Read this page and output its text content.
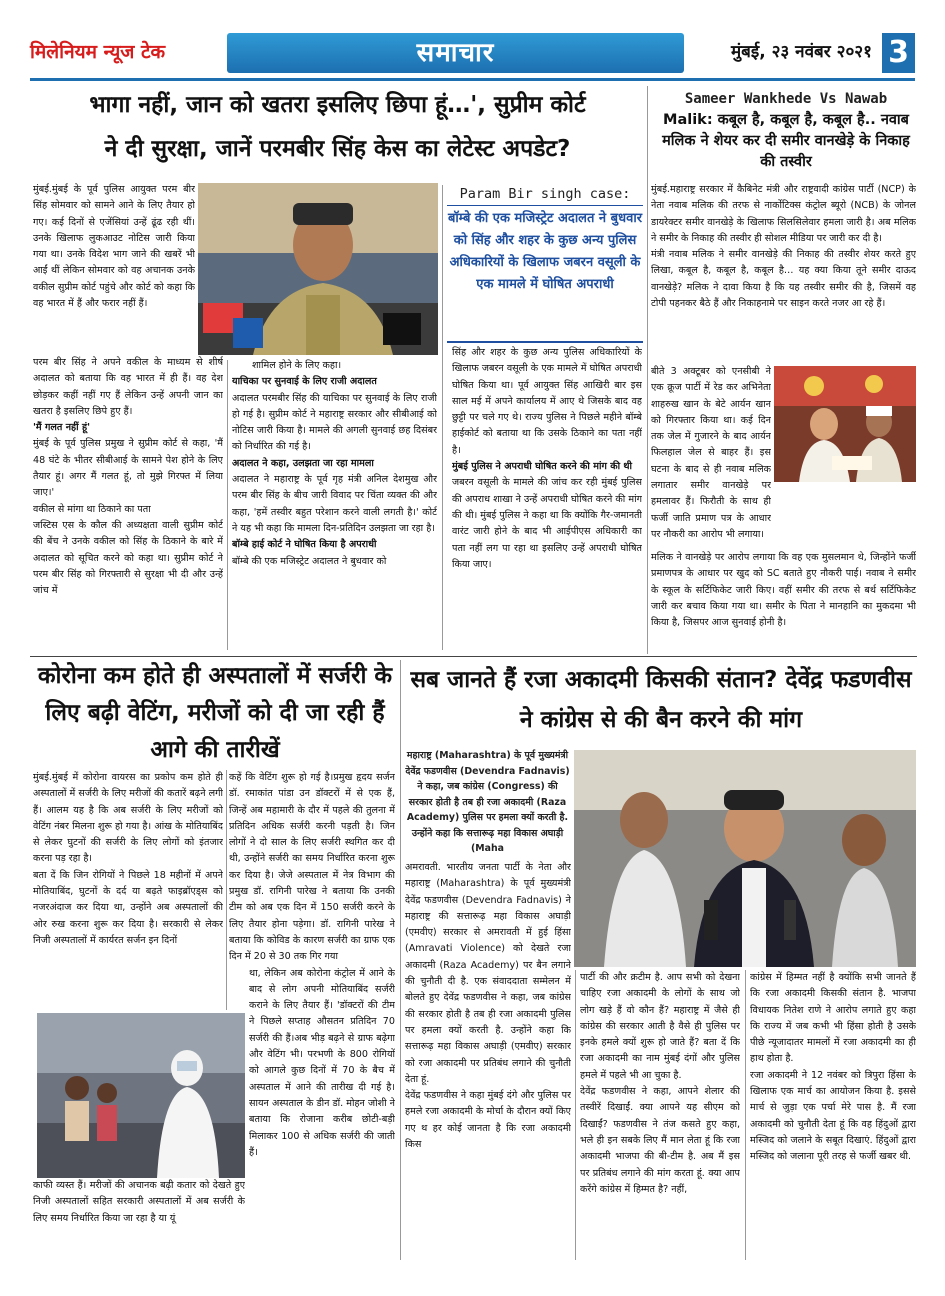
मिलेनियम न्यूज टेक	समाचार	मुंबई, २३ नवंबर २०२१ 3
भागा नहीं, जान को खतरा इसलिए छिपा हूं…', सुप्रीम कोर्ट
ने दी सुरक्षा, जानें परमबीर सिंह केस का लेटेस्ट अपडेट?

मुंबई.मुंबई के पूर्व पुलिस आयुक्त परम बीर सिंह सोमवार को सामने आने के लिए तैयार हो गए। कई दिनों से एजेंसियां उन्हें ढूंढ रही थीं। उनके खिलाफ लुकआउट नोटिस जारी किया गया था। उनके विदेश भाग जाने की खबरें भी आईं थीं लेकिन सोमवार को वह अचानक उनके वकील सुप्रीम कोर्ट पहुंचे और कोर्ट को कहा कि वह भारत में हैं और फरार नहीं हैं।

परम बीर सिंह ने अपने वकील के माध्यम से शीर्ष अदालत को बताया कि वह भारत में ही हैं। वह देश छोड़कर कहीं नहीं गए हैं लेकिन उन्हें अपनी जान का खतरा है इसलिए छिपे हुए हैं।

'मैं गलत नहीं हूं'

मुंबई के पूर्व पुलिस प्रमुख ने सुप्रीम कोर्ट से कहा, 'मैं 48 घंटे के भीतर सीबीआई के सामने पेश होने के लिए तैयार हूं। अगर मैं गलत हूं, तो मुझे गिरफ्त में लिया जाए।'

वकील से मांगा था ठिकाने का पता

जस्टिस एस के कौल की अध्यक्षता वाली सुप्रीम कोर्ट की बेंच ने उनके वकील को सिंह के ठिकाने के बारे में अदालत को सूचित करने को कहा था। सुप्रीम कोर्ट ने परम बीर सिंह को गिरफ्तारी से सुरक्षा भी दी और उन्हें जांच में

शामिल होने के लिए कहा।

याचिका पर सुनवाई के लिए राजी अदालत

अदालत परमबीर सिंह की याचिका पर सुनवाई के लिए राजी हो गई है। सुप्रीम कोर्ट ने महाराष्ट्र सरकार और सीबीआई को नोटिस जारी किया है। मामले की अगली सुनवाई छह दिसंबर को निर्धारित की गई है।

अदालत ने कहा, उलझता जा रहा मामला

अदालत ने महाराष्ट्र के पूर्व गृह मंत्री अनिल देशमुख और परम बीर सिंह के बीच जारी विवाद पर चिंता व्यक्त की और कहा, 'हमें तस्वीर बहुत परेशान करने वाली लगती है।' कोर्ट ने यह भी कहा कि मामला दिन-प्रतिदिन उलझता जा रहा है।

बॉम्बे हाई कोर्ट ने घोषित किया है अपराधी

बॉम्बे की एक मजिस्ट्रेट अदालत ने बुधवार को

Param Bir singh case:
बॉम्बे की एक मजिस्ट्रेट अदालत ने बुधवार को सिंह और शहर के कुछ अन्य पुलिस अधिकारियों के खिलाफ जबरन वसूली के एक मामले में घोषित अपराधी

सिंह और शहर के कुछ अन्य पुलिस अधिकारियों के खिलाफ जबरन वसूली के एक मामले में घोषित अपराधी घोषित किया था। पूर्व आयुक्त सिंह आखिरी बार इस साल मई में अपने कार्यालय में आए थे जिसके बाद वह छुट्टी पर चले गए थे। राज्य पुलिस ने पिछले महीने बॉम्बे हाईकोर्ट को बताया था कि उसके ठिकाने का पता नहीं है।

मुंबई पुलिस ने अपराधी घोषित करने की मांग की थी

जबरन वसूली के मामले की जांच कर रही मुंबई पुलिस की अपराध शाखा ने उन्हें अपराधी घोषित करने की मांग की थी। मुंबई पुलिस ने कहा था कि क्योंकि गैर-जमानती वारंट जारी होने के बाद भी आईपीएस अधिकारी का पता नहीं लग पा रहा था इसलिए उन्हें अपराधी घोषित किया जाए।

Sameer Wankhede Vs Nawab
Malik: कबूल है, कबूल है, कबूल है.. नवाब मलिक ने शेयर कर दी समीर वानखेड़े के निकाह की तस्वीर

मुंबई.महाराष्ट्र सरकार में कैबिनेट मंत्री और राष्ट्रवादी कांग्रेस पार्टी (NCP) के नेता नवाब मलिक की तरफ से नार्कोटिक्स कंट्रोल ब्यूरो (NCB) के जोनल डायरेक्टर समीर वानखेड़े के खिलाफ सिलसिलेवार हमला जारी है। अब मलिक ने समीर के निकाह की तस्वीर ही सोशल मीडिया पर जारी कर दी है।

मंत्री नवाब मलिक ने समीर वानखेड़े की निकाह की तस्वीर शेयर करते हुए लिखा, कबूल है, कबूल है, कबूल है… यह क्या किया तूने समीर दाऊद वानखेड़े? मलिक ने दावा किया है कि यह तस्वीर समीर की है, जिसमें वह टोपी पहनकर बैठे हैं और निकाहनामे पर साइन करते नजर आ रहे हैं।

बीते 3 अक्टूबर को एनसीबी ने एक क्रूज पार्टी में रेड कर अभिनेता शाहरुख खान के बेटे आर्यन खान को गिरफ्तार किया था। कई दिन तक जेल में गुजारने के बाद आर्यन फिलहाल जेल से बाहर हैं। इस घटना के बाद से ही नवाब मलिक लगातार समीर वानखेड़े पर हमलावर हैं। फिरौती के साथ ही फर्जी जाति प्रमाण पत्र के आधार पर नौकरी का आरोप भी लगाया।

मलिक ने वानखेड़े पर आरोप लगाया कि वह एक मुसलमान थे, जिन्होंने फर्जी प्रमाणपत्र के आधार पर खुद को SC बताते हुए नौकरी पाई। नवाब ने समीर के स्कूल के सर्टिफिकेट जारी किए। वहीं समीर की तरफ से बर्थ सर्टिफिकेट जारी कर बचाव किया गया था। समीर के पिता ने मानहानि का मुकदमा भी किया है, जिसपर आज सुनवाई होनी है।

कोरोना कम होते ही अस्पतालों में सर्जरी के लिए बढ़ी वेटिंग, मरीजों को दी जा रही हैं आगे की तारीखें

मुंबई.मुंबई में कोरोना वायरस का प्रकोप कम होते ही अस्पतालों में सर्जरी के लिए मरीजों की कतारें बढ़ने लगी हैं। आलम यह है कि अब सर्जरी के लिए मरीजों को वेटिंग नंबर मिलना शुरू हो गया है। आंख के मोतियाबिंद से लेकर घुटनों की सर्जरी के लिए लोगों को इंतजार करना पड़ रहा है।

बता दें कि जिन रोगियों ने पिछले 18 महीनों में अपने मोतियाबिंद, घुटनों के दर्द या बढ़ते फाइब्रॉएड्स को नजरअंदाज कर दिया था, उन्होंने अब अस्पतालों की ओर रुख करना शुरू कर दिया है। सरकारी से लेकर निजी अस्पतालों में कार्यरत सर्जन इन दिनों

काफी व्यस्त हैं। मरीजों की अचानक बढ़ी कतार को देखते हुए निजी अस्पतालों सहित सरकारी अस्पतालों में अब सर्जरी के लिए समय निर्धारित किया जा रहा है या यूं

कहें कि वेटिंग शुरू हो गई है।प्रमुख हृदय सर्जन डॉ. रमाकांत पांडा उन डॉक्टरों में से एक हैं, जिन्हें अब महामारी के दौर में पहले की तुलना में प्रतिदिन अधिक सर्जरी करनी पड़ती है। जिन लोगों ने दो साल के लिए सर्जरी स्थगित कर दी थी, उन्होंने सर्जरी का समय निर्धारित करना शुरू कर दिया है। जेजे अस्पताल में नेत्र विभाग की प्रमुख डॉ. रागिनी पारेख ने बताया कि उनकी टीम को अब एक दिन में 150 सर्जरी करने के लिए तैयार होना पड़ेगा। डॉ. रागिनी पारेख ने बताया कि कोविड के कारण सर्जरी का ग्राफ एक दिन में 20 से 30 तक गिर गया

था, लेकिन अब कोरोना कंट्रोल में आने के बाद से लोग अपनी मोतियाबिंद सर्जरी कराने के लिए तैयार हैं। 'डॉक्टरों की टीम ने पिछले सप्ताह औसतन प्रतिदिन 70 सर्जरी की हैं।अब भीड़ बढ़ने से ग्राफ बढ़ेगा और वेटिंग भी। परभणी के 800 रोगियों को आगले कुछ दिनों में 70 के बैच में अस्पताल में आने की तारीख दी गई है। सायन अस्पताल के डीन डॉ. मोहन जोशी ने बताया कि रोजाना करीब छोटी-बड़ी मिलाकर 100 से अधिक सर्जरी की जाती हैं।

सब जानते हैं रजा अकादमी किसकी संतान? देवेंद्र फडणवीस ने कांग्रेस से की बैन करने की मांग
महाराष्ट्र (Maharashtra) के पूर्व मुख्यमंत्री देवेंद्र फडणवीस (Devendra Fadnavis) ने कहा, जब कांग्रेस (Congress) की सरकार होती है तब ही रजा अकादमी (Raza Academy) पुलिस पर हमला क्यों करती है. उन्होंने कहा कि सत्तारूढ़ महा विकास अघाड़ी (Maha

अमरावती. भारतीय जनता पार्टी के नेता और महाराष्ट्र (Maharashtra) के पूर्व मुख्यमंत्री देवेंद्र फडणवीस (Devendra Fadnavis) ने महाराष्ट्र की सत्तारूढ़ महा विकास अघाड़ी (एमवीए) सरकार से अमरावती में हुई हिंसा (Amravati Violence) को देखते रजा अकादमी (Raza Academy) पर बैन लगाने की चुनौती दी है. एक संवाददाता सम्मेलन में बोलते हुए देवेंद्र फडणवीस ने कहा, जब कांग्रेस की सरकार होती है तब ही रजा अकादमी पुलिस पर हमला क्यों करती है. उन्होंने कहा कि सत्तारूढ़ महा विकास अघाड़ी (एमवीए) सरकार को रजा अकादमी पर प्रतिबंध लगाने की चुनौती देता हूं.

देवेंद्र फडणवीस ने कहा मुंबई दंगे और पुलिस पर हमले रजा अकादमी के मोर्चा के दौरान क्यों किए गए थ हर कोई जानता है कि रजा अकादमी किस

पार्टी की और क्रटीम है. आप सभी को देखना चाहिए रजा अकादमी के लोगों के साथ जो लोग खड़े हैं वो कौन हैं? महाराष्ट्र में जैसे ही कांग्रेस की सरकार आती है वैसे ही पुलिस पर इनके हमले क्यों शुरू हो जाते हैं? बता दें कि रजा अकादमी का नाम मुंबई दंगों और पुलिस हमले में पहले भी आ चुका है.

देवेंद्र फडणवीस ने कहा, आपने शेलार की तस्वीरें दिखाईं. क्या आपने यह सीएम को दिखाईं? फडणवीस ने तंज कसते हुए कहा, भले ही इन सबके लिए मैं मान लेता हूं कि रजा अकादमी भाजपा की बी-टीम है. अब मैं इस पर प्रतिबंध लगाने की मांग करता हूं. क्या आप करेंगे कांग्रेस में हिम्मत है? नहीं,

कांग्रेस में हिम्मत नहीं है क्योंकि सभी जानते हैं कि रजा अकादमी किसकी संतान है. भाजपा विधायक नितेश राणे ने आरोप लगाते हुए कहा कि राज्य में जब कभी भी हिंसा होती है उसके पीछे न्यूजादातर मामलों में रजा अकादमी का ही हाथ होता है.

रजा अकादमी ने 12 नवंबर को त्रिपुरा हिंसा के खिलाफ एक मार्च का आयोजन किया है. इससे मार्च से जुड़ा एक पर्चा मेरे पास है. मैं रजा अकादमी को चुनौती देता हूं कि वह हिंदुओं द्वारा मस्जिद को जलाने के सबूत दिखाएं. हिंदुओं द्वारा मस्जिद को जलाना पूरी तरह से फर्जी खबर थी.
